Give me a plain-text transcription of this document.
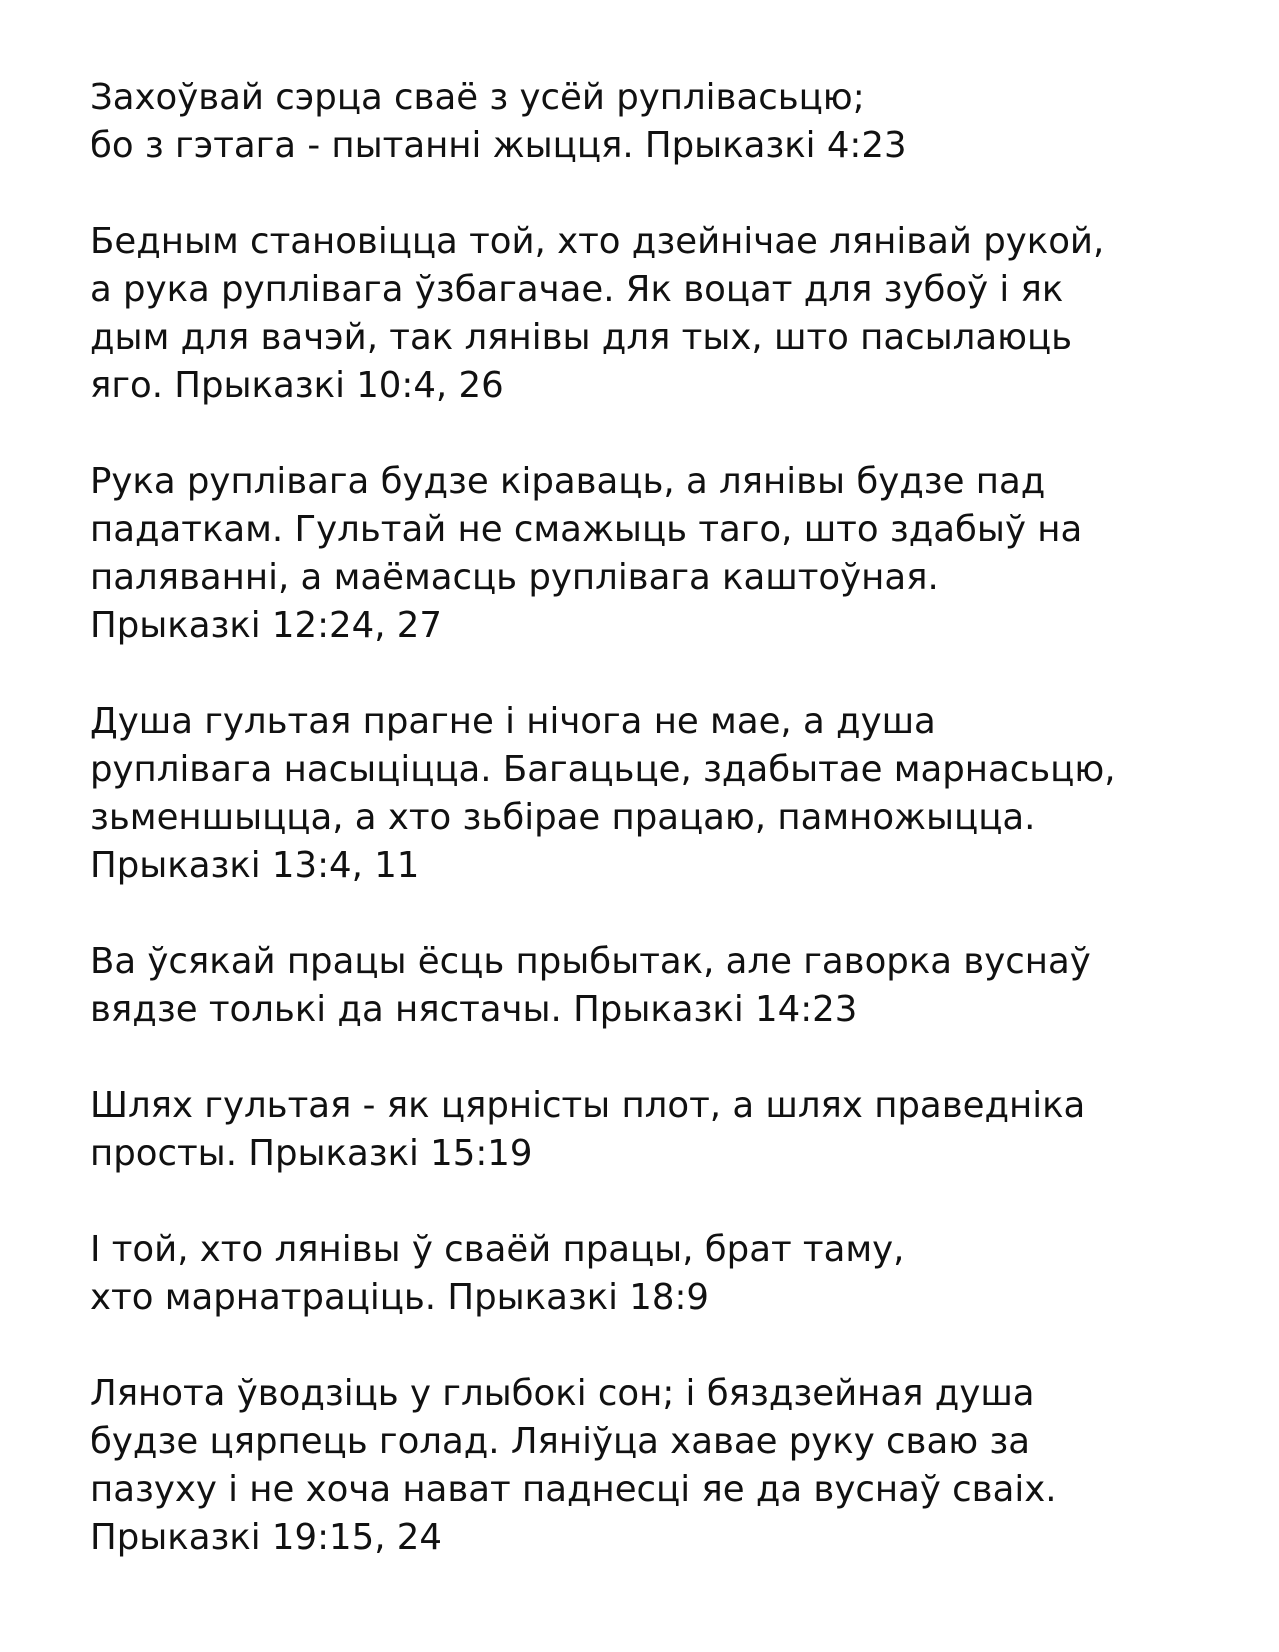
Захоўвай сэрца сваё з усёй руплівасьцю;
бо з гэтага - пытанні жыцця. Прыказкі 4:23

Бедным становіцца той, хто дзейнічае лянівай рукой,
а рука руплівага ўзбагачае. Як воцат для зубоў і як
дым для вачэй, так лянівы для тых, што пасылаюць
яго. Прыказкі 10:4, 26

Рука руплівага будзе кіраваць, а лянівы будзе пад
падаткам. Гультай не смажыць таго, што здабыў на
паляванні, а маёмасць руплівага каштоўная.
Прыказкі 12:24, 27

Душа гультая прагне і нічога не мае, а душа
руплівага насыціцца. Багацьце, здабытае марнасьцю,
зьменшыцца, а хто зьбірае працаю, памножыцца.
Прыказкі 13:4, 11

Ва ўсякай працы ёсць прыбытак, але гаворка вуснаў
вядзе толькі да нястачы. Прыказкі 14:23

Шлях гультая - як цярністы плот, а шлях праведніка
просты. Прыказкі 15:19

І той, хто лянівы ў сваёй працы, брат таму,
хто марнатраціць. Прыказкі 18:9

Лянота ўводзіць у глыбокі сон; і бяздзейная душа
будзе цярпець голад. Ляніўца хавае руку сваю за
пазуху і не хоча нават паднесці яе да вуснаў сваіх.
Прыказкі 19:15, 24
